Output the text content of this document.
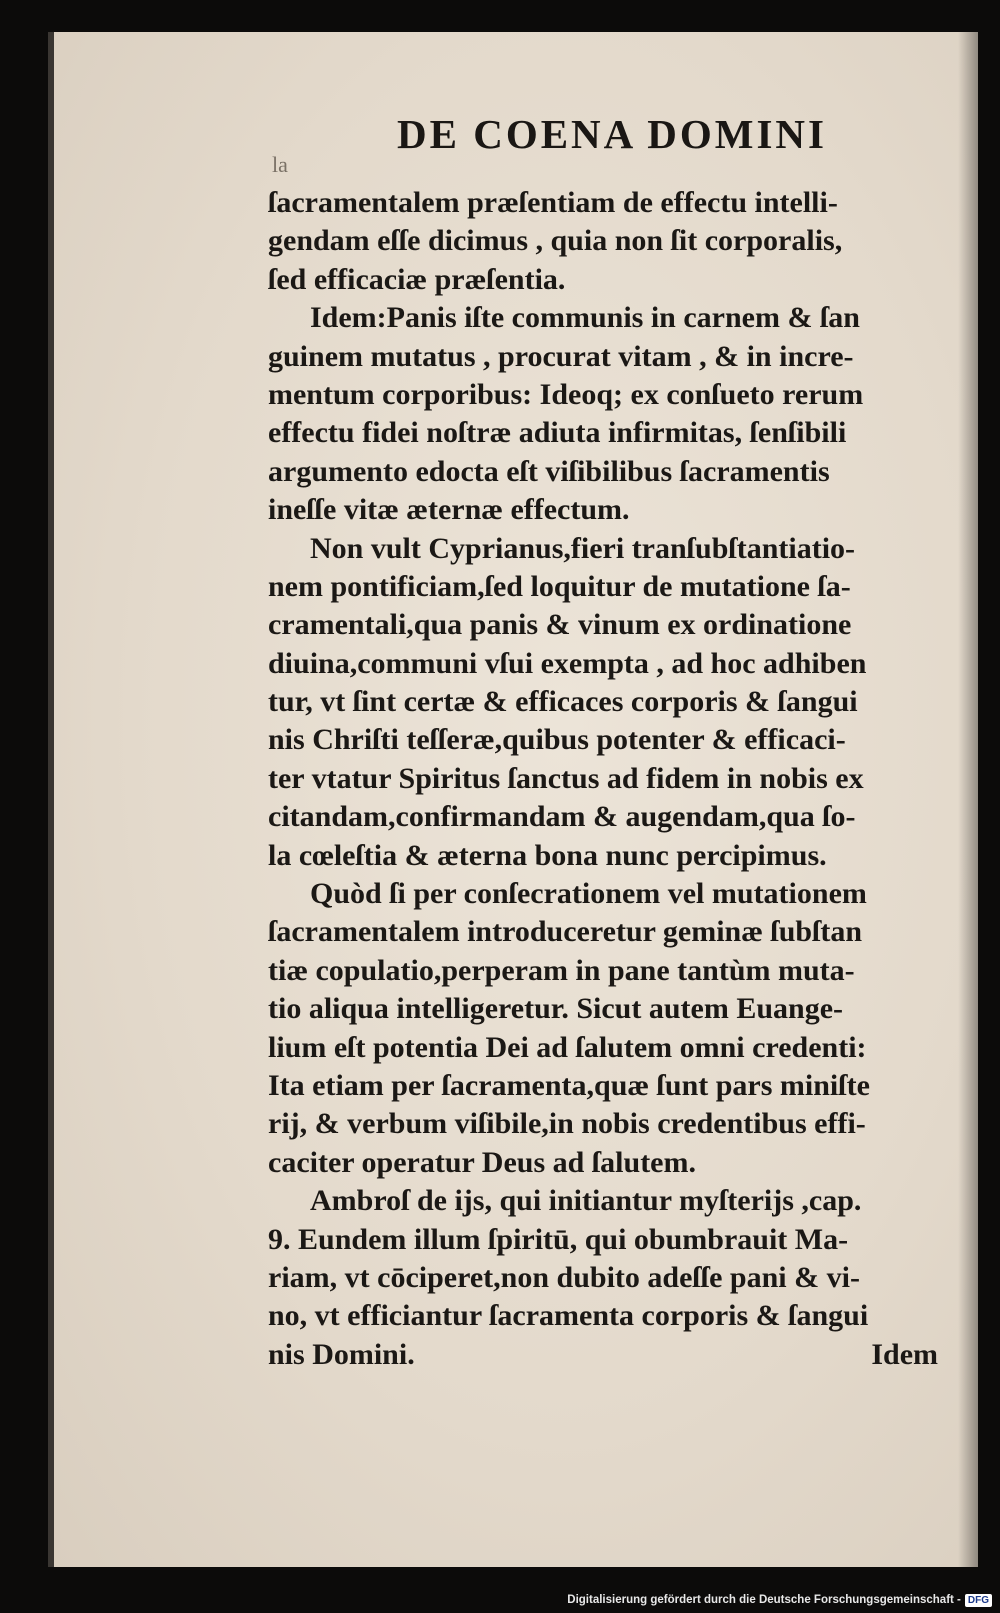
DE COENA DOMINI
la
ſacramentalem præſentiam de effectu intelli-
gendam eſſe dicimus , quia non ſit corporalis,
ſed efficaciæ præſentia.
Idem:Panis iſte communis in carnem & ſan
guinem mutatus , procurat vitam , & in incre-
mentum corporibus: Ideoq; ex conſueto rerum
effectu fidei noſtræ adiuta infirmitas, ſenſibili
argumento edocta eſt viſibilibus ſacramentis
ineſſe vitæ æternæ effectum.
Non vult Cyprianus,fieri tranſubſtantiatio-
nem pontificiam,ſed loquitur de mutatione ſa-
cramentali,qua panis & vinum ex ordinatione
diuina,communi vſui exempta , ad hoc adhiben
tur, vt ſint certæ & efficaces corporis & ſangui
nis Chriſti teſſeræ,quibus potenter & efficaci-
ter vtatur Spiritus ſanctus ad fidem in nobis ex
citandam,confirmandam & augendam,qua ſo-
la cœleſtia & æterna bona nunc percipimus.
Quòd ſi per conſecrationem vel mutationem
ſacramentalem introduceretur geminæ ſubſtan
tiæ copulatio,perperam in pane tantùm muta-
tio aliqua intelligeretur. Sicut autem Euange-
lium eſt potentia Dei ad ſalutem omni credenti:
Ita etiam per ſacramenta,quæ ſunt pars miniſte
rij, & verbum viſibile,in nobis credentibus effi-
caciter operatur Deus ad ſalutem.
Ambroſ de ijs, qui initiantur myſterijs ,cap.
9. Eundem illum ſpiritū, qui obumbrauit Ma-
riam, vt cōciperet,non dubito adeſſe pani & vi-
no, vt efficiantur ſacramenta corporis & ſangui
nis Domini.	Idem
Digitalisierung gefördert durch die Deutsche Forschungsgemeinschaft - DFG
